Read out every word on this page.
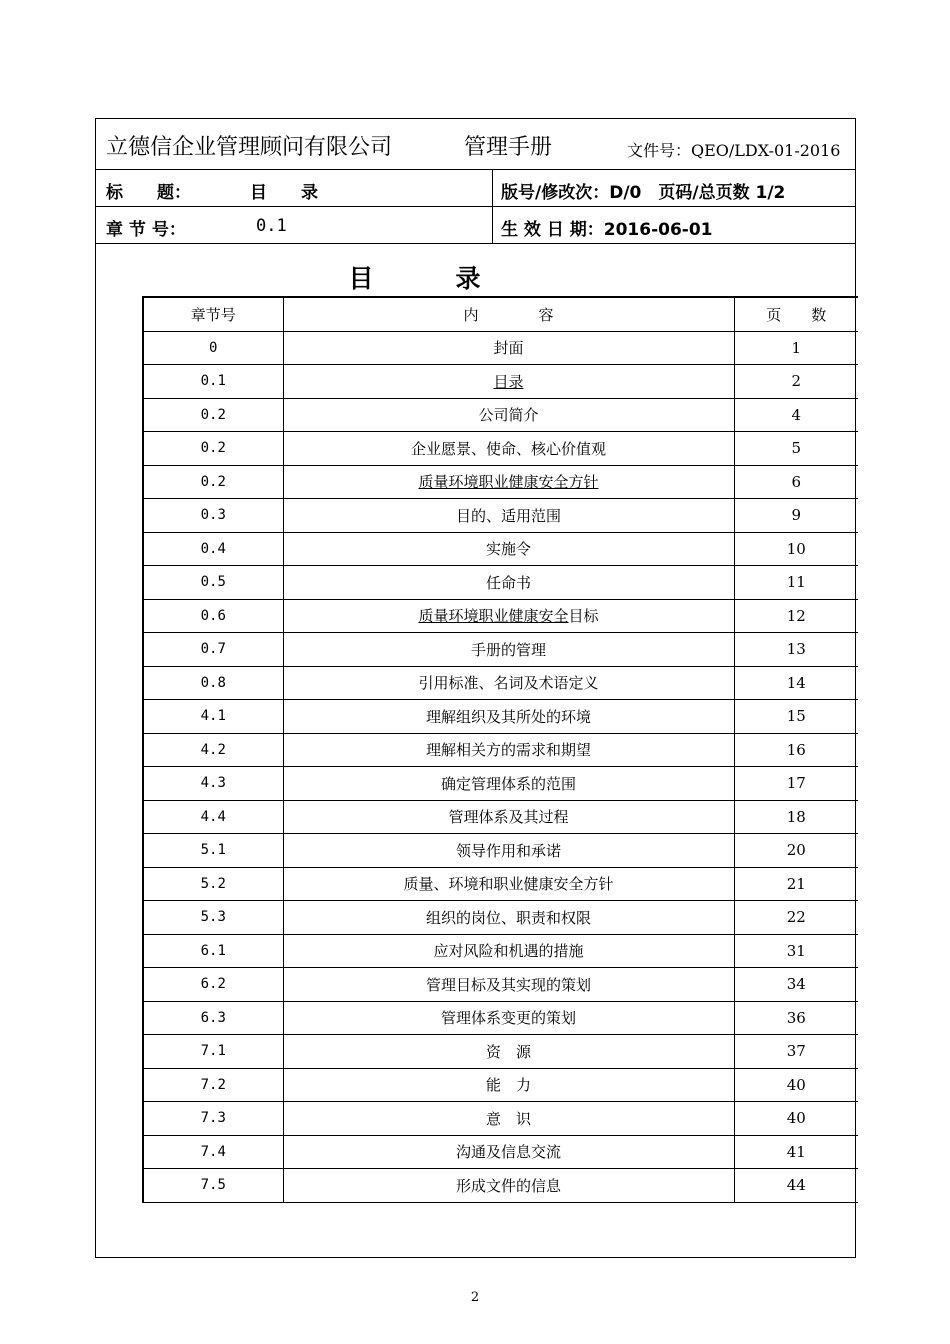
立德信企业管理顾问有限公司	管理手册	文件号：QEO/LDX-01-2016
标　　题：	目　　录	版号/修改次：D/0　页码/总页数 1/2
章 节 号：	0.1	生 效 日 期：2016-06-01
目录
章节号	内　　　　容	页　　数
0	封面	1
0.1	目录	2
0.2	公司简介	4
0.2	企业愿景、使命、核心价值观	5
0.2	质量环境职业健康安全方针	6
0.3	目的、适用范围	9
0.4	实施令	10
0.5	任命书	11
0.6	质量环境职业健康安全目标	12
0.7	手册的管理	13
0.8	引用标准、名词及术语定义	14
4.1	理解组织及其所处的环境	15
4.2	理解相关方的需求和期望	16
4.3	确定管理体系的范围	17
4.4	管理体系及其过程	18
5.1	领导作用和承诺	20
5.2	质量、环境和职业健康安全方针	21
5.3	组织的岗位、职责和权限	22
6.1	应对风险和机遇的措施	31
6.2	管理目标及其实现的策划	34
6.3	管理体系变更的策划	36
7.1	资　源	37
7.2	能　力	40
7.3	意　识	40
7.4	沟通及信息交流	41
7.5	形成文件的信息	44
2
